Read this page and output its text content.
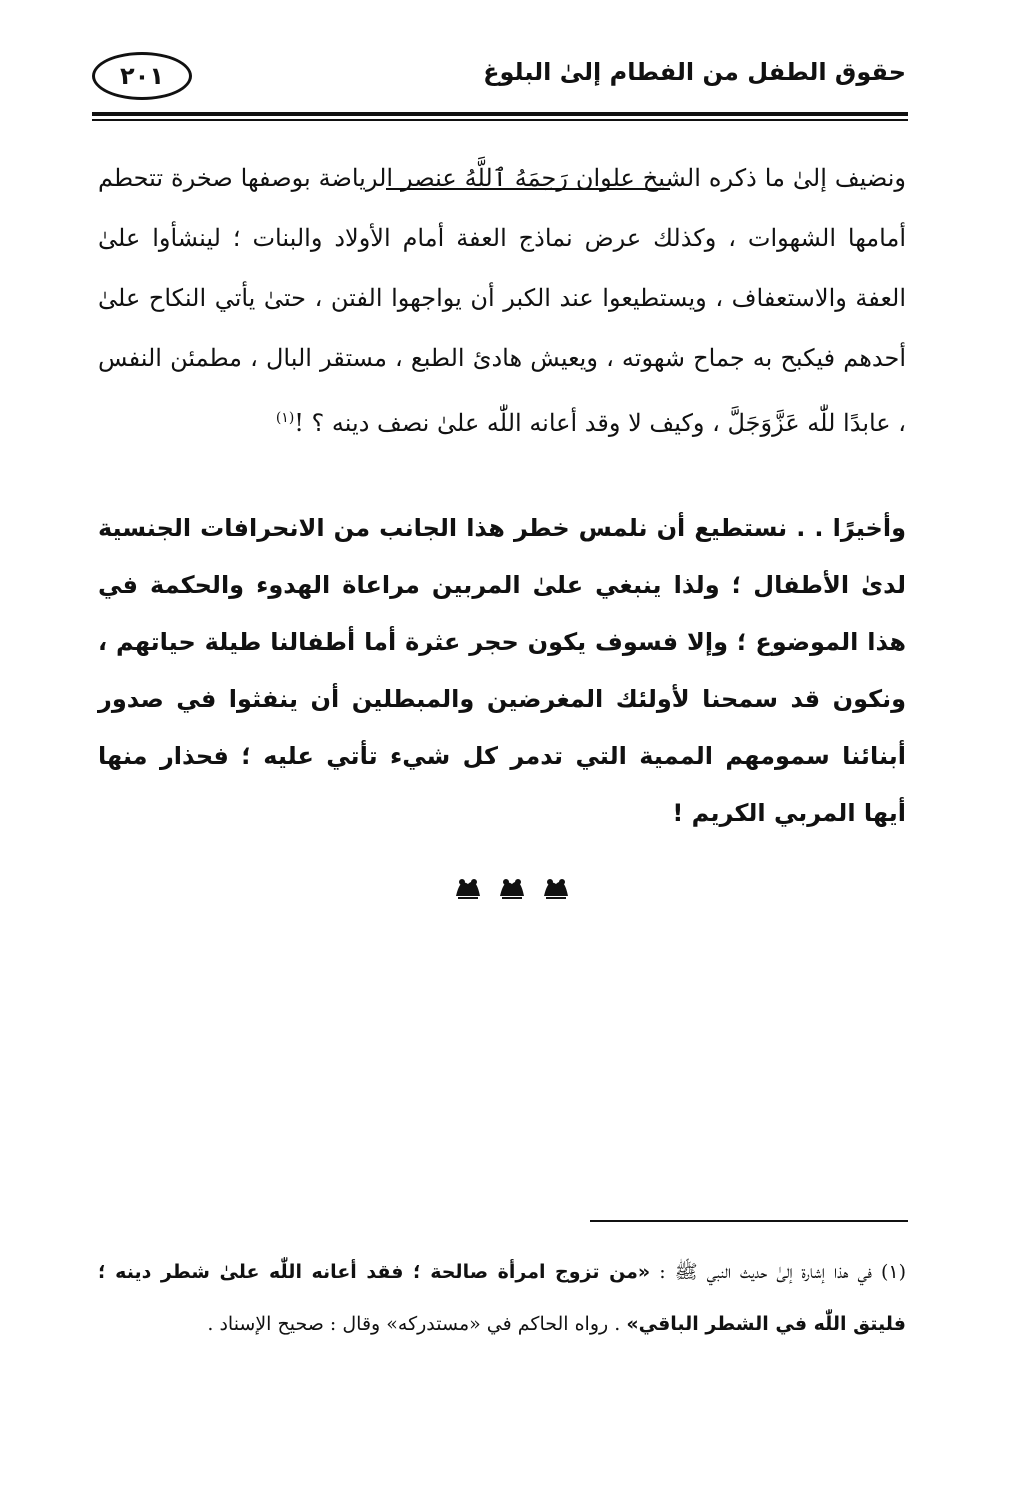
حقوق الطفل من الفطام إلىٰ البلوغ
٢٠١
ونضيف إلىٰ ما ذكره الشيخ علوان رَحِمَهُ ٱللَّهُ عنصر الرياضة بوصفها صخرة تتحطم أمامها الشهوات ، وكذلك عرض نماذج العفة أمام الأولاد والبنات ؛ لينشأوا علىٰ العفة والاستعفاف ، ويستطيعوا عند الكبر أن يواجهوا الفتن ، حتىٰ يأتي النكاح علىٰ أحدهم فيكبح به جماح شهوته ، ويعيش هادئ الطبع ، مستقر البال ، مطمئن النفس ، عابدًا للّٰه عَزَّوَجَلَّ ، وكيف لا وقد أعانه اللّٰه علىٰ نصف دينه ؟ !$^{(١)}$
وأخيرًا . . نستطيع أن نلمس خطر هذا الجانب من الانحرافات الجنسية لدىٰ الأطفال ؛ ولذا ينبغي علىٰ المربين مراعاة الهدوء والحكمة في هذا الموضوع ؛ وإلا فسوف يكون حجر عثرة أما أطفالنا طيلة حياتهم ، ونكون قد سمحنا لأولئك المغرضين والمبطلين أن ينفثوا في صدور أبنائنا سمومهم الممية التي تدمر كل شيء تأتي عليه ؛ فحذار منها أيها المربي الكريم !
(١) في هذا إشارة إلىٰ حديث النبي ﷺ : «من تزوج امرأة صالحة ؛ فقد أعانه اللّٰه علىٰ شطر دينه ؛ فليتق اللّٰه في الشطر الباقي» . رواه الحاكم في «مستدركه» وقال : صحيح الإسناد .
